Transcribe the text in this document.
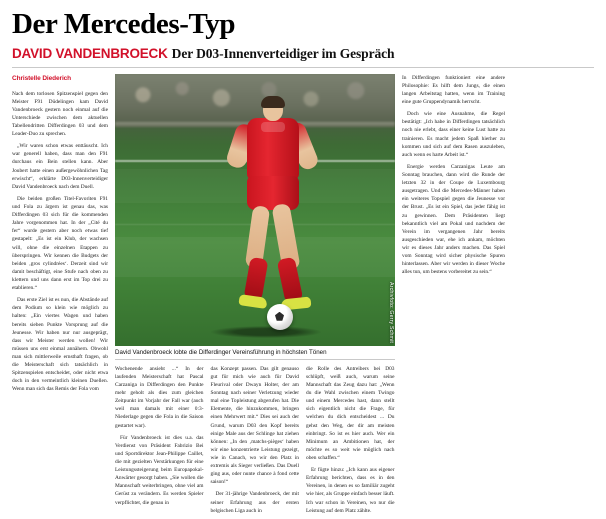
Der Mercedes-Typ
DAVID VANDENBROECK Der D03-Innenverteidiger im Gespräch
Christelle Diederich

Nach dem torlosen Spitzenspiel gegen den Meister F91 Düdelingen kam David Vandenbroeck gestern noch einmal auf die Unterschiede zwischen dem aktuellen Tabellendritten Differdingen 03 und dem Leader-Duo zu sprechen.

„Wir waren schon etwas enttäuscht. Ich war generell haben, dass man den F91 durchaus ein Bein stellen kann. Aber Joubert hatte einen außergewöhnlichen Tag erwischt“, erklärte D03-Innenverteidiger David Vandenbroeck nach dem Duell.

Die beiden großen Titel-Favoriten F91 und Fola zu ärgern ist genau das, was Differdingen 03 sich für die kommenden Jahre vorgenommen hat. In der „Cité du fer“ wurde gestern aber noch etwas tief gestapelt: „Es ist ein Klub, der wachsen will, ohne die einzelnen Etappen zu überspringen. Wir kennen die Budgets der beiden ‚gros cylindrées‘. Derzeit sind wir damit beschäftigt, eine Stufe nach oben zu klettern und uns dann erst im Top drei zu etablieren.“

Das erste Ziel ist es nun, die Abstände auf dem Podium so klein wie möglich zu halten: „Ein viertes Wagen und haben bereits sieben Punkte Vorsprung auf die Jeunesse. Wir haben nur nur ausgeprägt, dass wir Meister werden wollen! Wir müssen uns erst einmal annähern. Obwohl man sich mittlerweile ernsthaft fragen, ob die Meisterschaft sich tatsächlich in Spitzenspielen entscheidet, oder nicht etwa doch in den vermeintlich kleinen Duellen. Wenn man sich das Remis der Fola vom

Archivfoto: Gerry Schmit
David Vandenbroeck lobte die Differdinger Vereinsführung in höchsten Tönen

Wochenende ansieht ...“ In der laufenden Meisterschaft hat Pascal Carzaniga in Differdingen den Punkte mehr geholt als dies zum gleichen Zeitpunkt im Vorjahr der Fall war (auch weil man damals mit einer 0:3-Niederlage gegen die Fola in die Saison gestartet war).

Für Vandenbroeck ist dies u.a. das Verdienst von Präsident Fabrizio Bei und Sportdirektor Jean-Philippe Caillet, die mit gezielten Verstärkungen für eine Leistungssteigerung beim Europapokal-Anwärter gesorgt haben. „Sie wollen die Mannschaft weiterbringen, ohne viel am Gerüst zu verändern. Es werden Spieler verpflichtet, die genau in

das Konzept passen. Das gilt genauso gut für mich wie auch für David Fleurival oder Dwayn Holter, der am Sonntag nach seiner Verletzung wieder mal eine Topleistung abgerufen hat. Die Elemente, die hinzukommen, bringen einen Mehrwert mit.“ Dies sei auch der Grund, warum D03 den Kopf bereits einige Male aus der Schlinge hat ziehen können: „In den ‚matchs-pièges‘ haben wir eine konzentrierte Leistung gezeigt, wie in Canach, wo wir den Platz in extremis als Sieger verließen. Das Duell ging aus, oder nunte chance à fond cette saison!“

Der 31-jährige Vandenbroeck, der mit seiner Erfahrung aus der ersten belgischen Liga auch in

die Rolle des Antreibers bei D03 schlüpft, weiß auch, warum seine Mannschaft das Zeug dazu hat: „Wenn du die Wahl zwischen einem Twingo und einem Mercedes hast, dann stellt sich eigentlich nicht die Frage, für welchen du dich entscheidest ... Du gehst den Weg, der dir am meisten einbringt. So ist es hier auch. Wer ein Minimum an Ambitionen hat, der möchte es so weit wie möglich nach oben schaffen.“

Er fügte hinzu: „Ich kann aus eigener Erfahrung berichten, dass es in den Vereinen, in denen es so familiär zugeht wie hier, als Gruppe einfach besser läuft. Ich war schon in Vereinen, wo nur die Leistung auf dem Platz zählte.

In Differdingen funktioniert eine andere Philosophie: Es hilft dem Jungs, die einen langen Arbeitstag hatten, wenn im Training eine gute Gruppendynamik herrscht.

Doch wie eine Ausnahme, die Regel bestätigt: „Ich habe in Differdingen tatsächlich noch nie erlebt, dass einer keine Lust hatte zu trainieren. Es macht jedem Spaß hierher zu kommen und sich auf dem Rasen auszuleben, auch wenn es harte Arbeit ist.“

Energie werden Carzanigas Leute am Sonntag brauchen, dann wird die Runde der letzten 32 in der Coupe de Luxembourg ausgetragen. Und die Mercedes-Männer haben ein weiteres Topspiel gegen die Jeunesse vor der Brust. „Es ist ein Spiel, das jeder fähig ist zu gewinnen. Dem Präsidenten liegt bekanntlich viel am Pokal und nachdem der Verein im vergangenen Jahr bereits ausgeschieden war, ehe ich ankam, möchten wir es dieses Jahr anders machen. Das Spiel vom Sonntag wird sicher physische Spuren hinterlassen. Aber wir werden in dieser Woche alles tun, um bestens vorbereitet zu sein.“
